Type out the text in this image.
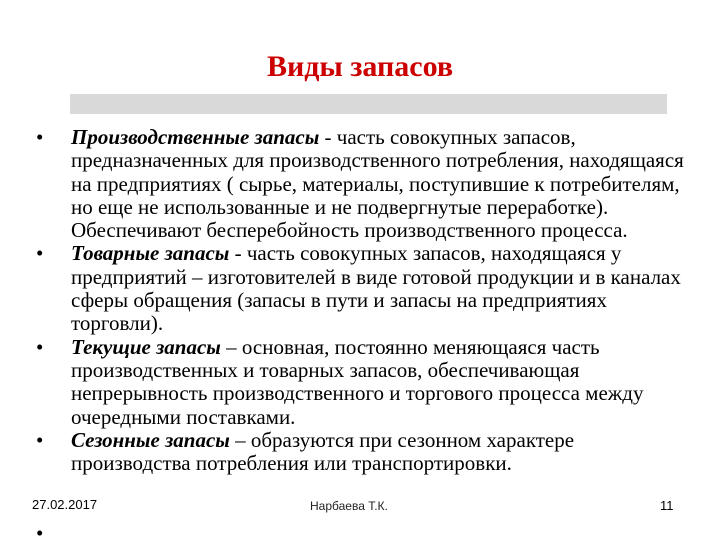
Виды запасов
•	Производственные запасы - часть совокупных запасов, предназначенных для производственного потребления, находящаяся на предприятиях ( сырье, материалы, поступившие к потребителям, но еще не использованные и не подвергнутые переработке). Обеспечивают бесперебойность производственного процесса.
•	Товарные запасы - часть совокупных запасов, находящаяся у предприятий – изготовителей в виде готовой продукции и в каналах сферы обращения (запасы в пути и запасы на предприятиях торговли).
•	Текущие запасы – основная, постоянно меняющаяся часть производственных и товарных запасов, обеспечивающая непрерывность производственного и торгового процесса между очередными поставками.
•	Сезонные запасы – образуются при сезонном характере производства потребления или транспортировки.
27.02.2017	Нарбаева Т.К.	11
•
